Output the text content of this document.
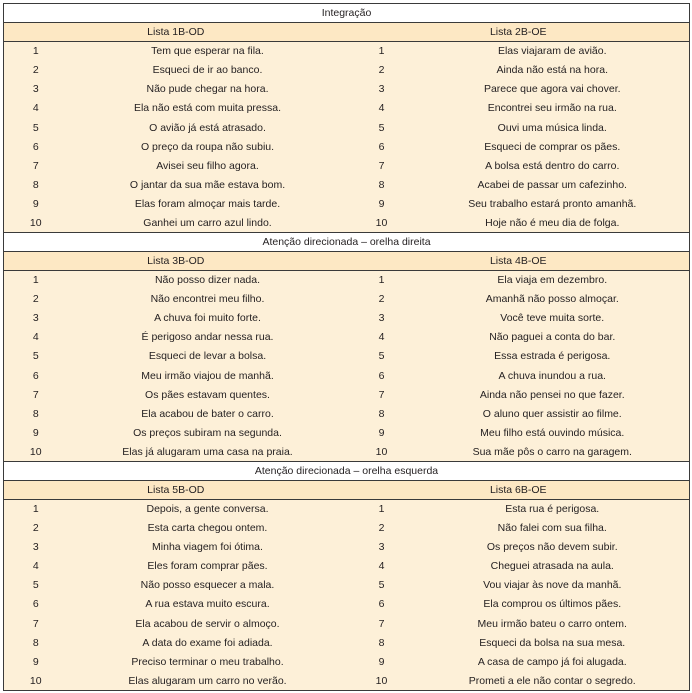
Integração			
Lista 1B-OD		Lista 2B-OE	
1	Tem que esperar na fila.	1	Elas viajaram de avião.
2	Esqueci de ir ao banco.	2	Ainda não está na hora.
3	Não pude chegar na hora.	3	Parece que agora vai chover.
4	Ela não está com muita pressa.	4	Encontrei seu irmão na rua.
5	O avião já está atrasado.	5	Ouvi uma música linda.
6	O preço da roupa não subiu.	6	Esqueci de comprar os pães.
7	Avisei seu filho agora.	7	A bolsa está dentro do carro.
8	O jantar da sua mãe estava bom.	8	Acabei de passar um cafezinho.
9	Elas foram almoçar mais tarde.	9	Seu trabalho estará pronto amanhã.
10	Ganhei um carro azul lindo.	10	Hoje não é meu dia de folga.
Atenção direcionada – orelha direita			
Lista 3B-OD		Lista 4B-OE	
1	Não posso dizer nada.	1	Ela viaja em dezembro.
2	Não encontrei meu filho.	2	Amanhã não posso almoçar.
3	A chuva foi muito forte.	3	Você teve muita sorte.
4	É perigoso andar nessa rua.	4	Não paguei a conta do bar.
5	Esqueci de levar a bolsa.	5	Essa estrada é perigosa.
6	Meu irmão viajou de manhã.	6	A chuva inundou a rua.
7	Os pães estavam quentes.	7	Ainda não pensei no que fazer.
8	Ela acabou de bater o carro.	8	O aluno quer assistir ao filme.
9	Os preços subiram na segunda.	9	Meu filho está ouvindo música.
10	Elas já alugaram uma casa na praia.	10	Sua mãe pôs o carro na garagem.
Atenção direcionada – orelha esquerda			
Lista 5B-OD		Lista 6B-OE	
1	Depois, a gente conversa.	1	Esta rua é perigosa.
2	Esta carta chegou ontem.	2	Não falei com sua filha.
3	Minha viagem foi ótima.	3	Os preços não devem subir.
4	Eles foram comprar pães.	4	Cheguei atrasada na aula.
5	Não posso esquecer a mala.	5	Vou viajar às nove da manhã.
6	A rua estava muito escura.	6	Ela comprou os últimos pães.
7	Ela acabou de servir o almoço.	7	Meu irmão bateu o carro ontem.
8	A data do exame foi adiada.	8	Esqueci da bolsa na sua mesa.
9	Preciso terminar o meu trabalho.	9	A casa de campo já foi alugada.
10	Elas alugaram um carro no verão.	10	Prometi a ele não contar o segredo.
